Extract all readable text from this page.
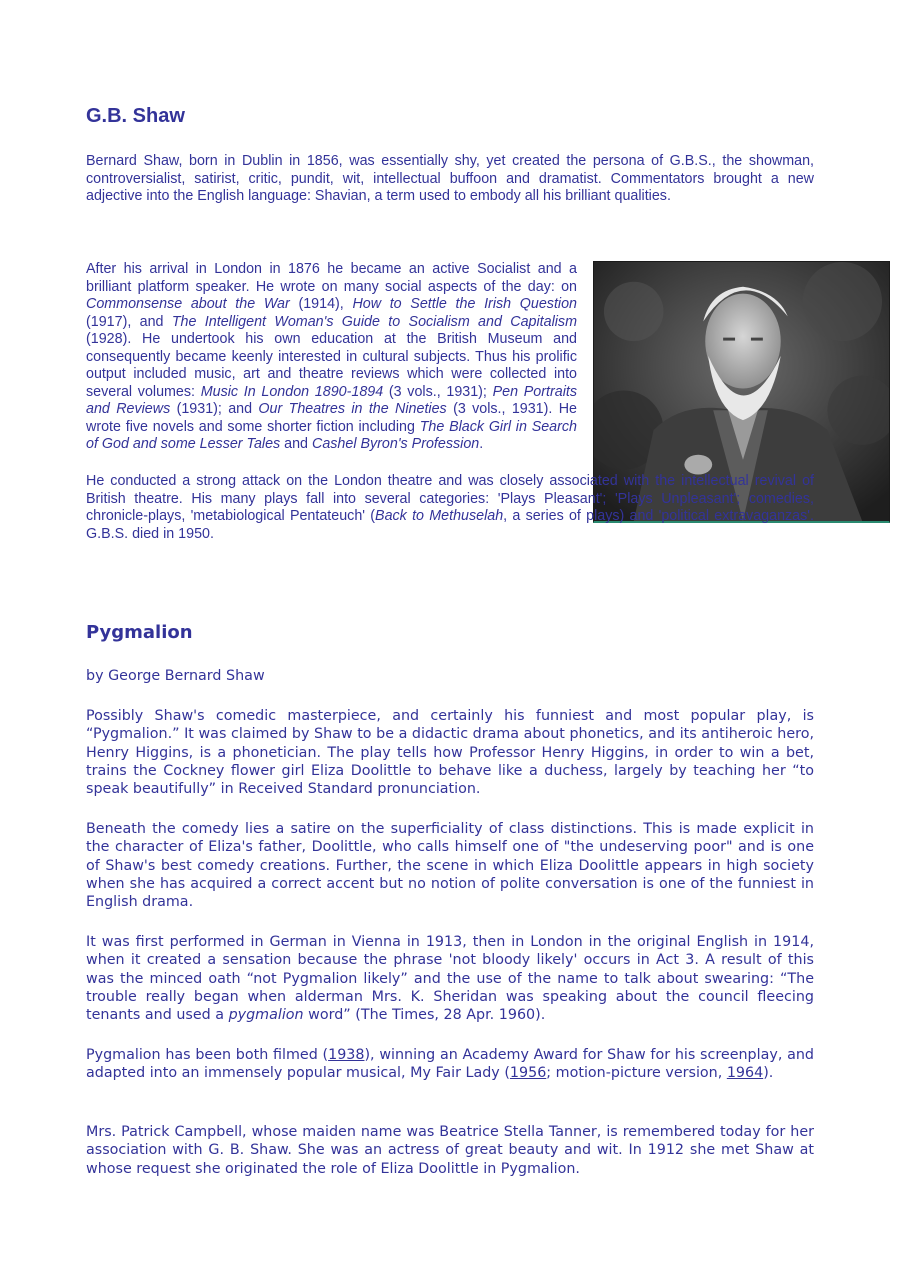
G.B. Shaw

Bernard Shaw, born in Dublin in 1856, was essentially shy, yet created the persona of G.B.S., the showman, controversialist, satirist, critic, pundit, wit, intellectual buffoon and dramatist. Commentators brought a new adjective into the English language: Shavian, a term used to embody all his brilliant qualities.

After his arrival in London in 1876 he became an active Socialist and a brilliant platform speaker. He wrote on many social aspects of the day: on Commonsense about the War (1914), How to Settle the Irish Question (1917), and The Intelligent Woman's Guide to Socialism and Capitalism (1928). He undertook his own education at the British Museum and consequently became keenly interested in cultural subjects. Thus his prolific output included music, art and theatre reviews which were collected into several volumes: Music In London 1890-1894 (3 vols., 1931); Pen Portraits and Reviews (1931); and Our Theatres in the Nineties (3 vols., 1931). He wrote five novels and some shorter fiction including The Black Girl in Search of God and some Lesser Tales and Cashel Byron's Profession.

He conducted a strong attack on the London theatre and was closely associated with the intellectual revival of British theatre. His many plays fall into several categories: 'Plays Pleasant'; 'Plays Unpleasant'; comedies, chronicle-plays, 'metabiological Pentateuch' (Back to Methuselah, a series of plays) and 'political extravaganzas'. G.B.S. died in 1950.

Pygmalion
by George Bernard Shaw

Possibly Shaw's comedic masterpiece, and certainly his funniest and most popular play, is “Pygmalion.” It was claimed by Shaw to be a didactic drama about phonetics, and its antiheroic hero, Henry Higgins, is a phonetician. The play tells how Professor Henry Higgins, in order to win a bet, trains the Cockney flower girl Eliza Doolittle to behave like a duchess, largely by teaching her “to speak beautifully” in Received Standard pronunciation.

Beneath the comedy lies a satire on the superficiality of class distinctions. This is made explicit in the character of Eliza's father, Doolittle, who calls himself one of "the undeserving poor" and is one of Shaw's best comedy creations. Further, the scene in which Eliza Doolittle appears in high society when she has acquired a correct accent but no notion of polite conversation is one of the funniest in English drama.

It was first performed in German in Vienna in 1913, then in London in the original English in 1914, when it created a sensation because the phrase 'not bloody likely' occurs in Act 3. A result of this was the minced oath “not Pygmalion likely” and the use of the name to talk about swearing: “The trouble really began when alderman Mrs. K. Sheridan was speaking about the council fleecing tenants and used a pygmalion word” (The Times, 28 Apr. 1960).

Pygmalion has been both filmed (1938), winning an Academy Award for Shaw for his screenplay, and adapted into an immensely popular musical, My Fair Lady (1956; motion-picture version, 1964).

Mrs. Patrick Campbell, whose maiden name was Beatrice Stella Tanner, is remembered today for her association with G. B. Shaw. She was an actress of great beauty and wit. In 1912 she met Shaw at whose request she originated the role of Eliza Doolittle in Pygmalion.
